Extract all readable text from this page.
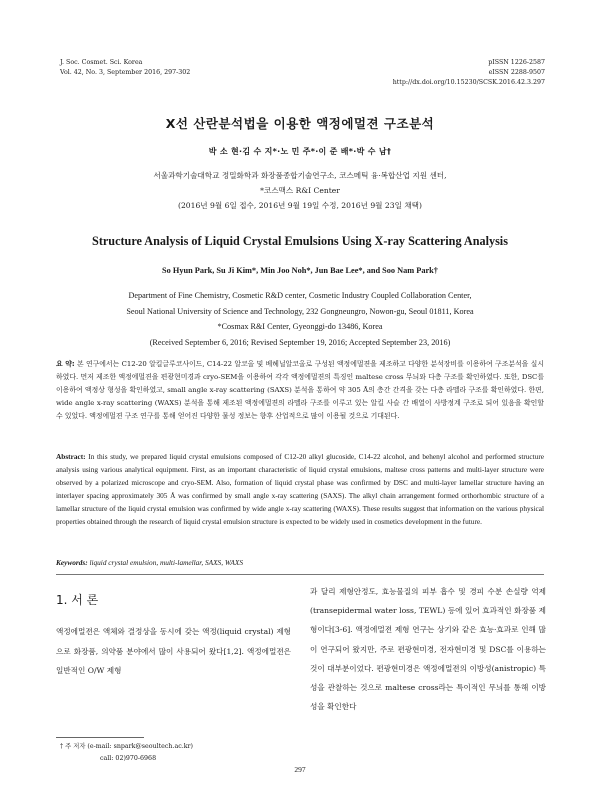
J. Soc. Cosmet. Sci. Korea
Vol. 42, No. 3, September 2016, 297-302
pISSN 1226-2587
eISSN 2288-9507
http://dx.doi.org/10.15230/SCSK.2016.42.3.297
X선 산란분석법을 이용한 액정에멀젼 구조분석
박 소 현·김 수 지*·노 민 주*·이 준 배*·박 수 남†
서울과학기술대학교 정밀화학과 화장품종합기술연구소, 코스메틱 융·복합산업 지원 센터,
*코스맥스 R&I Center
(2016년 9월 6일 접수, 2016년 9월 19일 수정, 2016년 9월 23일 채택)
Structure Analysis of Liquid Crystal Emulsions Using X-ray Scattering Analysis
So Hyun Park, Su Ji Kim*, Min Joo Noh*, Jun Bae Lee*, and Soo Nam Park†
Department of Fine Chemistry, Cosmetic R&D center, Cosmetic Industry Coupled Collaboration Center,
Seoul National University of Science and Technology, 232 Gongneungro, Nowon-gu, Seoul 01811, Korea
*Cosmax R&I Center, Gyeonggi-do 13486, Korea
(Received September 6, 2016; Revised September 19, 2016; Accepted September 23, 2016)
요 약: 본 연구에서는 C12-20 알킬글루코사이드, C14-22 알코올 및 베헤닐알코올로 구성된 액정에멀젼을 제조하고 다양한 분석장비를 이용하여 구조분석을 실시하였다. 먼저 제조한 액정에멀젼을 편광현미경과 cryo-SEM을 이용하여 각각 액정에멀젼의 특징인 maltese cross 무늬와 다층 구조를 확인하였다. 또한, DSC를 이용하여 액정상 형성을 확인하였고, small angle x-ray scattering (SAXS) 분석을 통하여 약 305 Å의 층간 간격을 갖는 다층 라멜라 구조를 확인하였다. 한편, wide angle x-ray scattering (WAXS) 분석을 통해 제조된 액정에멀젼의 라멜라 구조를 이루고 있는 알킬 사슬 간 배열이 사방정계 구조로 되어 있음을 확인할 수 있었다. 액정에멀젼 구조 연구를 통해 얻어진 다양한 물성 정보는 향후 산업적으로 많이 이용될 것으로 기대된다.
Abstract: In this study, we prepared liquid crystal emulsions composed of C12-20 alkyl glucoside, C14-22 alcohol, and behenyl alcohol and performed structure analysis using various analytical equipment. First, as an important characteristic of liquid crystal emulsions, maltese cross patterns and multi-layer structure were observed by a polarized microscope and cryo-SEM. Also, formation of liquid crystal phase was confirmed by DSC and multi-layer lamellar structure having an interlayer spacing approximately 305 Å was confirmed by small angle x-ray scattering (SAXS). The alkyl chain arrangement formed orthorhombic structure of a lamellar structure of the liquid crystal emulsion was confirmed by wide angle x-ray scattering (WAXS). These results suggest that information on the various physical properties obtained through the research of liquid crystal emulsion structure is expected to be widely used in cosmetics development in the future.
Keywords: liquid crystal emulsion, multi-lamellar, SAXS, WAXS
1. 서 론
액정에멀젼은 액체와 결정상을 동시에 갖는 액정(liquid crystal) 제형으로 화장품, 의약품 분야에서 많이 사용되어 왔다[1,2]. 액정에멀젼은 일반적인 O/W 제형
과 달리 제형안정도, 효능물질의 피부 흡수 및 경피 수분 손실량 억제(transepidermal water loss, TEWL) 등에 있어 효과적인 화장품 제형이다[3-6]. 액정에멀젼 제형 연구는 상기와 같은 효능·효과로 인해 많이 연구되어 왔지만, 주로 편광현미경, 전자현미경 및 DSC를 이용하는 것이 대부분이었다. 편광현미경은 액정에멀젼의 이방성(anistropic) 특성을 관찰하는 것으로 maltese cross라는 특이적인 무늬를 통해 이방성을 확인한다
† 주 저자 (e-mail: snpark@seoultech.ac.kr)
call: 02)970-6968
297
